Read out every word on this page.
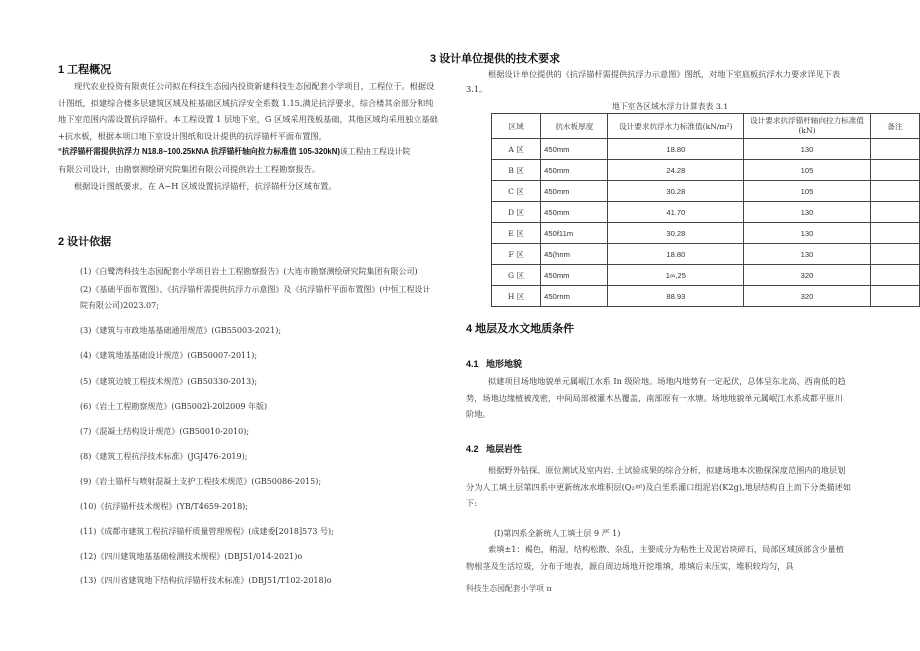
1 工程概况
现代农业投资有限责任公司拟在科技生态园内投资新建科技生态园配套小学项目，工程位于。根据设
计图纸，拟建综合楼多层建筑区域及桩基础区域抗浮安全系数 1.15,满足抗浮要求，综合楼其余部分和纯
地下室范围内需设置抗浮锚杆。本工程设置 1 层地下室，G 区域采用筏板基础，其他区域均采用独立基础
+抗水板，根据本项口地下室设计图纸和设计提供的抗浮锚杆平面布置图，
“抗浮锚杆需提供抗浮力 N18.8~100.25kN\A 抗浮锚杆轴向拉力标准值 105-320kN)该工程由工程设计院
有限公司设计，由勘察测绘研究院集团有限公司提供岩土工程勘察报告。
根据设计图纸要求，在 A~H 区域设置抗浮锚杆，抗浮锚杆分区域布置。
2 设计依据
(1)《白鹭湾科技生态园配套小学项目岩土工程勘察报告》(大连市勘察测绘研究院集团有限公司)
(2)《基础平面布置图》、《抗浮锚杆需提供抗浮力示意图》及《抗浮锚杆平面布置图》(中恒工程设计
院有限公司)2023.07;
(3)《建筑与市政地基基础通用规范》(GB55003-2021);
(4)《建筑地基基础设计规范》(GB50007-2011);
(5)《建筑边坡工程技术规范》(GB50330-2013);
(6)《岩土工程勘察规范》(GB5002l-20l2009 年版)
(7)《混凝土结构设计规范》(GB50010-2010);
(8)《建筑工程抗浮技术标准》(JGJ476-2019);
(9)《岩土锚杆与喷射混凝土支护工程技术规范》(GB50086-2015);
(10)《抗浮锚杆技术规程》(YB/T4659-2018);
(11)《成都市建筑工程抗浮锚杆质量管理规程》(成建委[2018]573 号);
(12)《四川建筑地基基础检测技术规程》(DBJ51/014-2021)o
(13)《四川省建筑地下结构抗浮锚杆技术标准》(DBJ51/T102-2018)o
3 设计单位提供的技术要求
根据设计单位提供的《抗浮锚杆需提供抗浮力示意图》图纸，对地下室底板抗浮水力要求详见下表
3.1。
地下室各区域水浮力计算表表 3.1
区域	抗水板厚度	设计要求抗浮水力标准值(kN/m²)	设计要求抗浮锚杆轴向拉力标准值(kN)	备注
A 区	450mm	18.80	130	
B 区	450mm	24.28	105	
C 区	450mm	30.28	105	
D 区	450mm	41.70	130	
E 区	450f11m	30.28	130	
F 区	45(hnm	18.80	130	
G 区	450mm	1∞,25	320	
H 区	450rnm	88.93	320	
4 地层及水文地质条件
4.1   地形地貌
拟建项目场地地貌单元属岷江水系 In 级阶地。场地内地势有一定起伏，总体呈东北高、西南低的趋
势，场地边缘植被茂密，中间局部被灌木丛覆盖，南部原有一水塘。场地地貌单元属岷江水系成都平原川
阶地。
4.2   地层岩性
根据野外钻探、原位测试及室内岩. 土试验成果的综合分析，拟建场地本次勘探深度范围内的地层划
分为人工填土层第四系中更新统冰水堆积层(Q₂ʲᵍˡ)及白垩系灌口组泥岩(K2g),地层结构自上而下分类描述如
下:
(I)第四系全新统人工填土层 9 严 1)
索填±1：褐色，稍湿，结构松散、杂乱，主要成分为粘性土及泥岩块碎石，局部区域顶部含少量植
物根茎及生活垃圾，分布于地表，源自周边场地开挖堆填，堆填后未压实，堆积较均匀，具
科技生态园配套小学项 π
